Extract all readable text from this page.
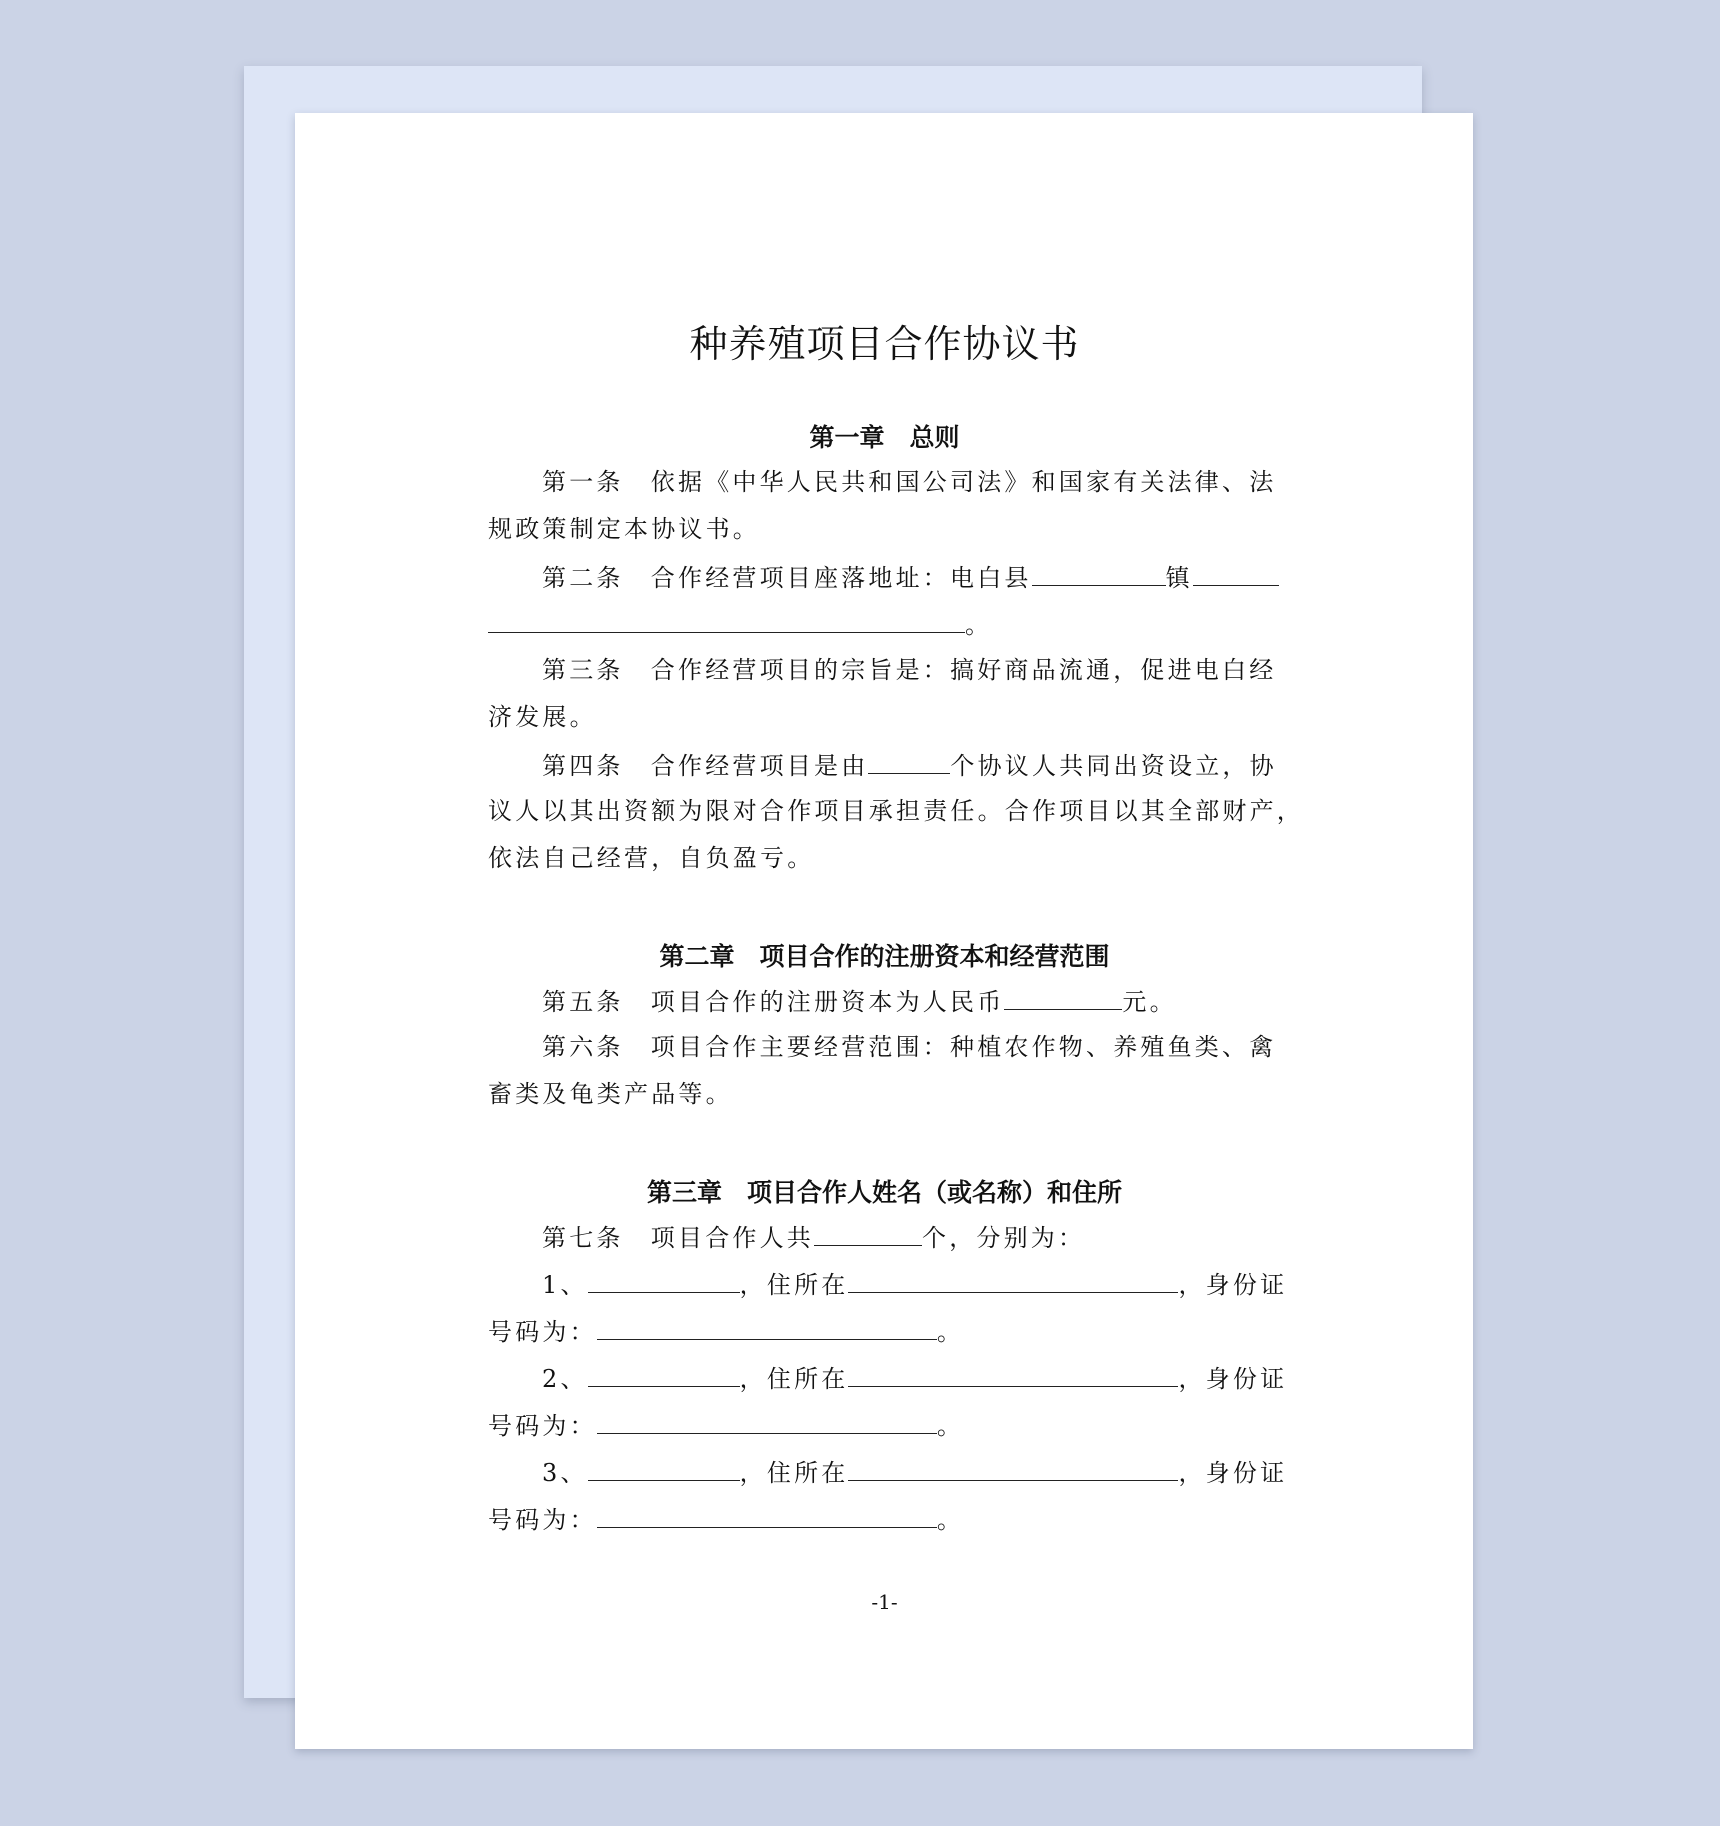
种养殖项目合作协议书
第一章　总则
第一条　依据《中华人民共和国公司法》和国家有关法律、法
规政策制定本协议书。
第二条　合作经营项目座落地址：电白县	镇
。
第三条　合作经营项目的宗旨是：搞好商品流通，促进电白经
济发展。
第四条　合作经营项目是由	个协议人共同出资设立，协
议人以其出资额为限对合作项目承担责任。合作项目以其全部财产，
依法自己经营，自负盈亏。
第二章　项目合作的注册资本和经营范围
第五条　项目合作的注册资本为人民币	元。
第六条　项目合作主要经营范围：种植农作物、养殖鱼类、禽
畜类及龟类产品等。
第三章　项目合作人姓名（或名称）和住所
第七条　项目合作人共	个，分别为：
1、	，住所在	，身份证
号码为：	。
2、	，住所在	，身份证
号码为：	。
3、	，住所在	，身份证
号码为：	。
-1-
